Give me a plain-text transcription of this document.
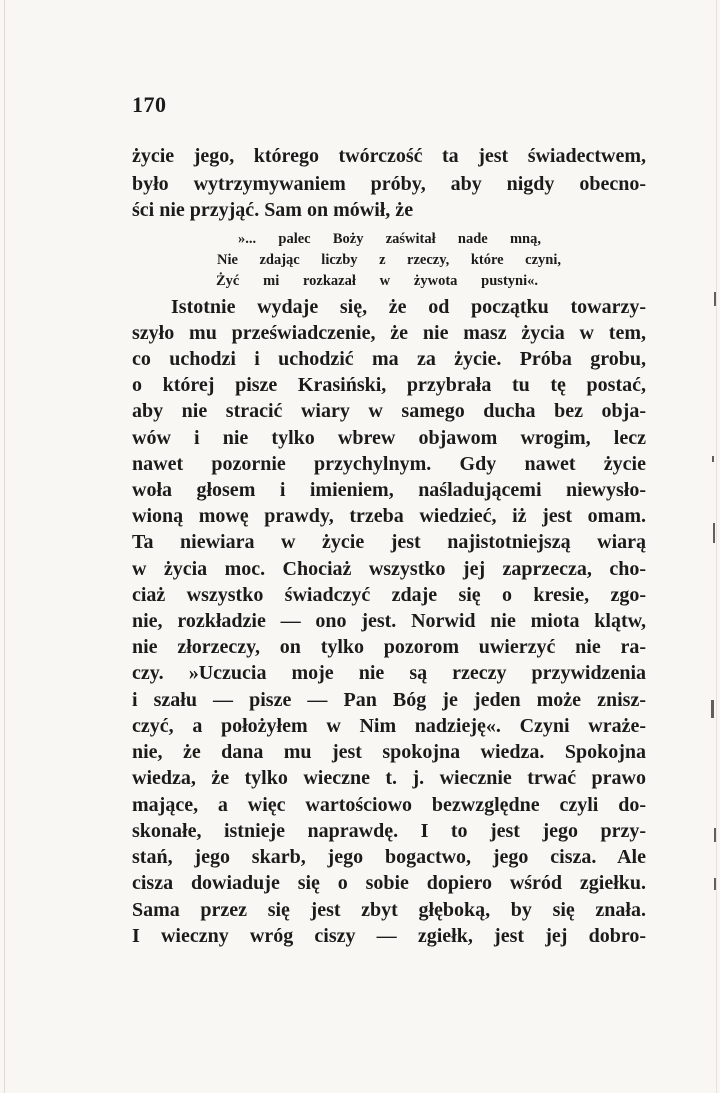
170
życie jego, którego twórczość ta jest świadectwem,
było wytrzymywaniem próby, aby nigdy obecno-
ści nie przyjąć. Sam on mówił, że
»... palec Boży zaświtał nade mną,
Nie zdając liczby z rzeczy, które czyni,
Żyć mi rozkazał w żywota pustyni«.
Istotnie wydaje się, że od początku towarzy-
szyło mu przeświadczenie, że nie masz życia w tem,
co uchodzi i uchodzić ma za życie. Próba grobu,
o której pisze Krasiński, przybrała tu tę postać,
aby nie stracić wiary w samego ducha bez obja-
wów i nie tylko wbrew objawom wrogim, lecz
nawet pozornie przychylnym. Gdy nawet życie
woła głosem i imieniem, naśladującemi niewysło-
wioną mowę prawdy, trzeba wiedzieć, iż jest omam.
Ta niewiara w życie jest najistotniejszą wiarą
w życia moc. Chociaż wszystko jej zaprzecza, cho-
ciaż wszystko świadczyć zdaje się o kresie, zgo-
nie, rozkładzie — ono jest. Norwid nie miota klątw,
nie złorzeczy, on tylko pozorom uwierzyć nie ra-
czy. »Uczucia moje nie są rzeczy przywidzenia
i szału — pisze — Pan Bóg je jeden może znisz-
czyć, a położyłem w Nim nadzieję«. Czyni wraże-
nie, że dana mu jest spokojna wiedza. Spokojna
wiedza, że tylko wieczne t. j. wiecznie trwać prawo
mające, a więc wartościowo bezwzględne czyli do-
skonałe, istnieje naprawdę. I to jest jego przy-
stań, jego skarb, jego bogactwo, jego cisza. Ale
cisza dowiaduje się o sobie dopiero wśród zgiełku.
Sama przez się jest zbyt głęboką, by się znała.
I wieczny wróg ciszy — zgiełk, jest jej dobro-
